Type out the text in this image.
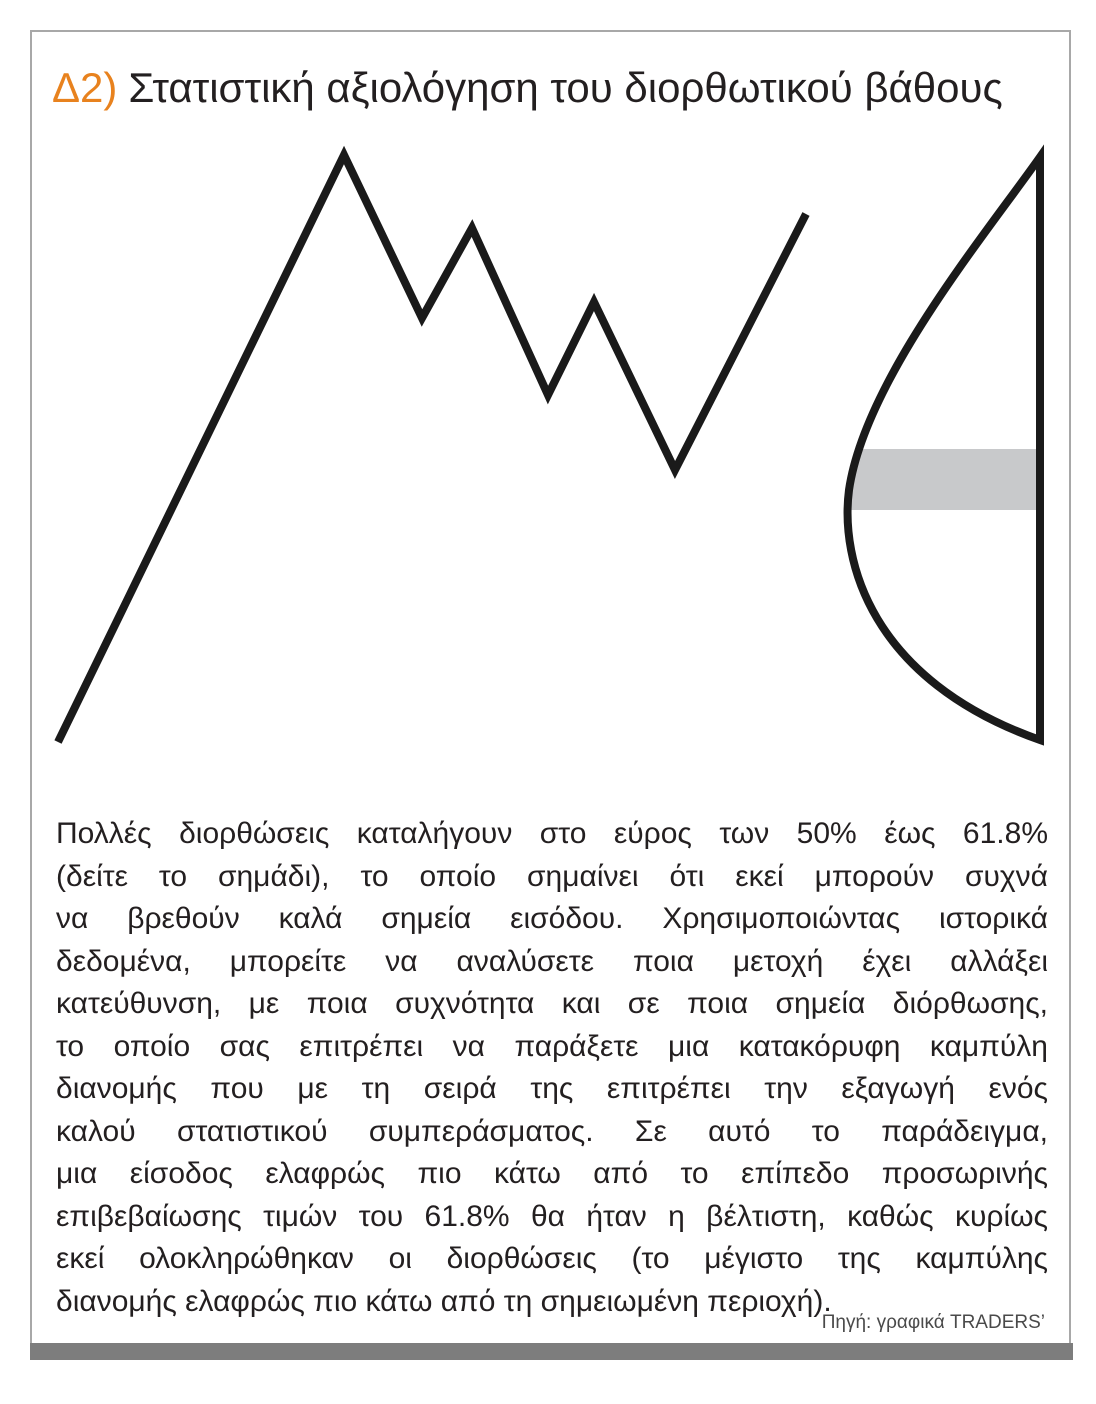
Δ2) Στατιστική αξιολόγηση του διορθωτικού βάθους
Πολλές διορθώσεις καταλήγουν στο εύρος των 50% έως 61.8%
(δείτε το σημάδι), το οποίο σημαίνει ότι εκεί μπορούν συχνά
να βρεθούν καλά σημεία εισόδου. Χρησιμοποιώντας ιστορικά
δεδομένα, μπορείτε να αναλύσετε ποια μετοχή έχει αλλάξει
κατεύθυνση, με ποια συχνότητα και σε ποια σημεία διόρθωσης,
το οποίο σας επιτρέπει να παράξετε μια κατακόρυφη καμπύλη
διανομής που με τη σειρά της επιτρέπει την εξαγωγή ενός
καλού στατιστικού συμπεράσματος. Σε αυτό το παράδειγμα,
μια είσοδος ελαφρώς πιο κάτω από το επίπεδο προσωρινής
επιβεβαίωσης τιμών του 61.8% θα ήταν η βέλτιστη, καθώς κυρίως
εκεί ολοκληρώθηκαν οι διορθώσεις (το μέγιστο της καμπύλης
διανομής ελαφρώς πιο κάτω από τη σημειωμένη περιοχή).
Πηγή: γραφικά TRADERS’
